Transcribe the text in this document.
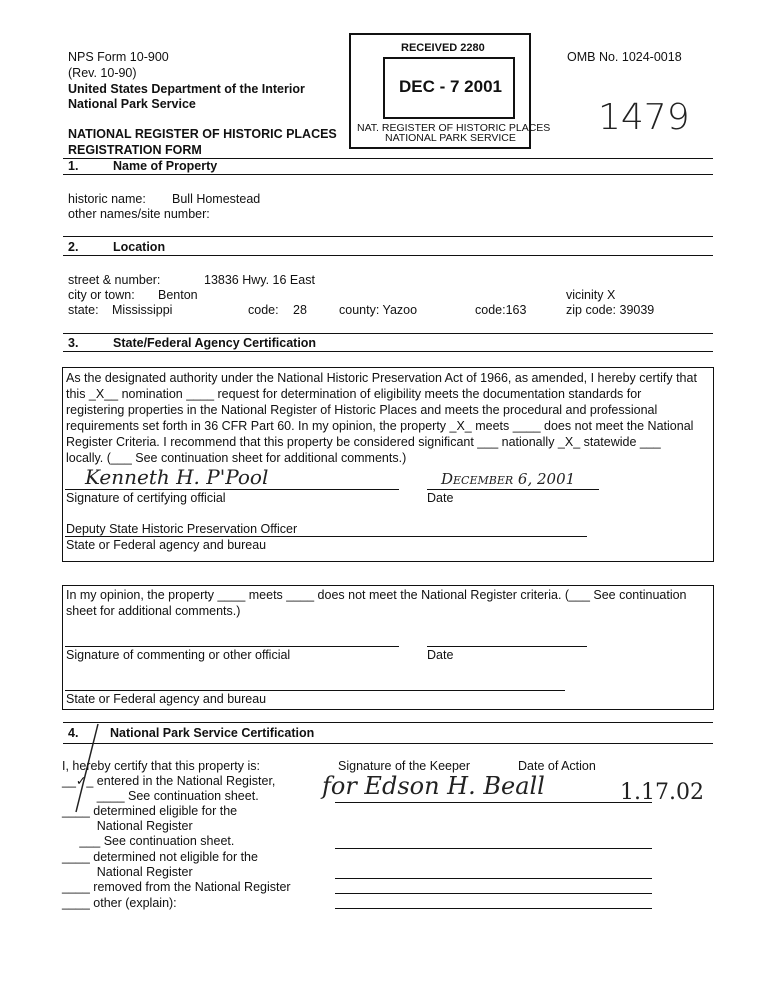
NPS Form 10-900
(Rev. 10-90)
United States Department of the Interior
National Park Service
OMB No. 1024-0018
1479
NATIONAL REGISTER OF HISTORIC PLACES
REGISTRATION FORM
RECEIVED 2280
DEC - 7 2001
NAT. REGISTER OF HISTORIC PLACES
NATIONAL PARK SERVICE
1.	Name of Property
historic name: Bull Homestead
other names/site number:
2.	Location
street & number:	13836 Hwy. 16 East
city or town: Benton	vicinity X
state: Mississippi	code: 28	county: Yazoo	code:163	zip code: 39039
3.	State/Federal Agency Certification
As the designated authority under the National Historic Preservation Act of 1966, as amended, I hereby certify that
this _X__ nomination ____ request for determination of eligibility meets the documentation standards for
registering properties in the National Register of Historic Places and meets the procedural and professional
requirements set forth in 36 CFR Part 60. In my opinion, the property _X_ meets ____ does not meet the National
Register Criteria. I recommend that this property be considered significant ___ nationally _X_ statewide ___
locally. (___ See continuation sheet for additional comments.)
Kenneth H. P'Pool	December 6, 2001
Signature of certifying official	Date
Deputy State Historic Preservation Officer
State or Federal agency and bureau
In my opinion, the property ____ meets ____ does not meet the National Register criteria. (___ See continuation
sheet for additional comments.)
Signature of commenting or other official	Date
State or Federal agency and bureau
4.	National Park Service Certification
I, hereby certify that this property is:
__✓_ entered in the National Register,
____ See continuation sheet.
____ determined eligible for the
National Register
___ See continuation sheet.
____ determined not eligible for the
National Register
____ removed from the National Register
____ other (explain):
Signature of the Keeper	Date of Action
for Edson H. Beall	1.17.02
